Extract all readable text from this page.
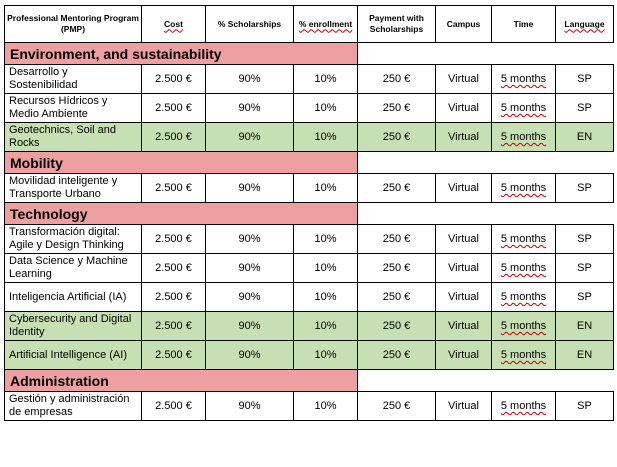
Professional Mentoring Program (PMP)	Cost	% Scholarships	% enrollment	Payment with Scholarships	Campus	Time	Language
Environment, and sustainability							
Desarrollo y Sostenibilidad	2.500 €	90%	10%	250 €	Virtual	5 months	SP
Recursos Hídricos y Medio Ambiente	2.500 €	90%	10%	250 €	Virtual	5 months	SP
Geotechnics, Soil and Rocks	2.500 €	90%	10%	250 €	Virtual	5 months	EN
Mobility							
Movilidad inteligente y Transporte Urbano	2.500 €	90%	10%	250 €	Virtual	5 months	SP
Technology							
Transformación digital: Agile y Design Thinking	2.500 €	90%	10%	250 €	Virtual	5 months	SP
Data Science y Machine Learning	2.500 €	90%	10%	250 €	Virtual	5 months	SP
Inteligencia Artificial (IA)	2.500 €	90%	10%	250 €	Virtual	5 months	SP
Cybersecurity and Digital Identity	2.500 €	90%	10%	250 €	Virtual	5 months	EN
Artificial Intelligence (AI)	2.500 €	90%	10%	250 €	Virtual	5 months	EN
Administration							
Gestión y administración de empresas	2.500 €	90%	10%	250 €	Virtual	5 months	SP
